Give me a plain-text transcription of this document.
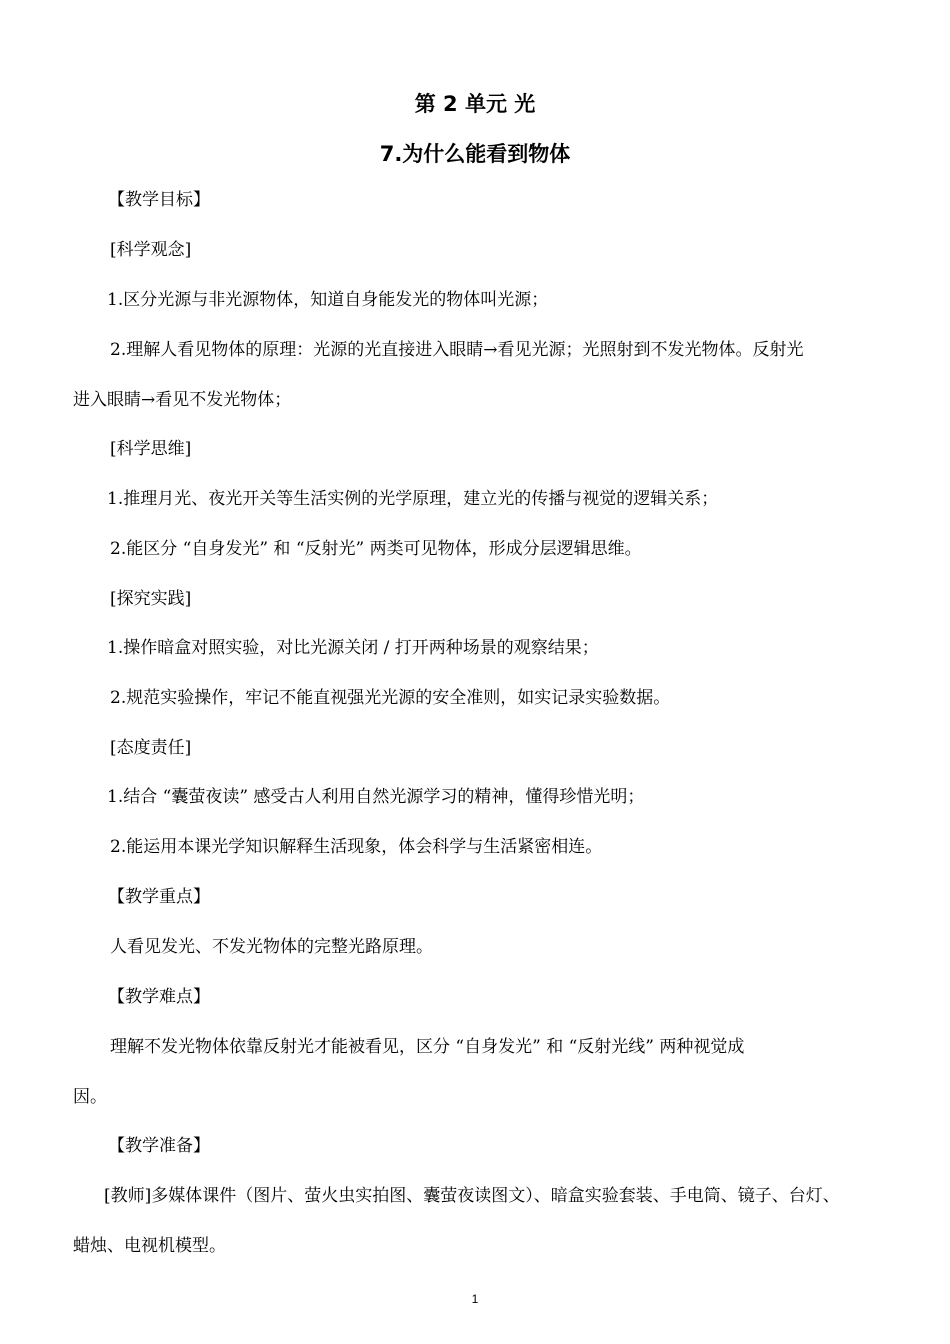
第 2 单元 光
7.为什么能看到物体
【教学目标】
[科学观念]
1.区分光源与非光源物体，知道自身能发光的物体叫光源；
2.理解人看见物体的原理：光源的光直接进入眼睛→看见光源；光照射到不发光物体。反射光
进入眼睛→看见不发光物体；
[科学思维]
1.推理月光、夜光开关等生活实例的光学原理，建立光的传播与视觉的逻辑关系；
2.能区分 “自身发光” 和 “反射光” 两类可见物体，形成分层逻辑思维。
[探究实践]
1.操作暗盒对照实验，对比光源关闭 / 打开两种场景的观察结果；
2.规范实验操作，牢记不能直视强光光源的安全准则，如实记录实验数据。
[态度责任]
1.结合 “囊萤夜读” 感受古人利用自然光源学习的精神，懂得珍惜光明；
2.能运用本课光学知识解释生活现象，体会科学与生活紧密相连。
【教学重点】
人看见发光、不发光物体的完整光路原理。
【教学难点】
理解不发光物体依靠反射光才能被看见，区分 “自身发光” 和 “反射光线” 两种视觉成
因。
【教学准备】
[教师]多媒体课件（图片、萤火虫实拍图、囊萤夜读图文）、暗盒实验套装、手电筒、镜子、台灯、
蜡烛、电视机模型。
1
